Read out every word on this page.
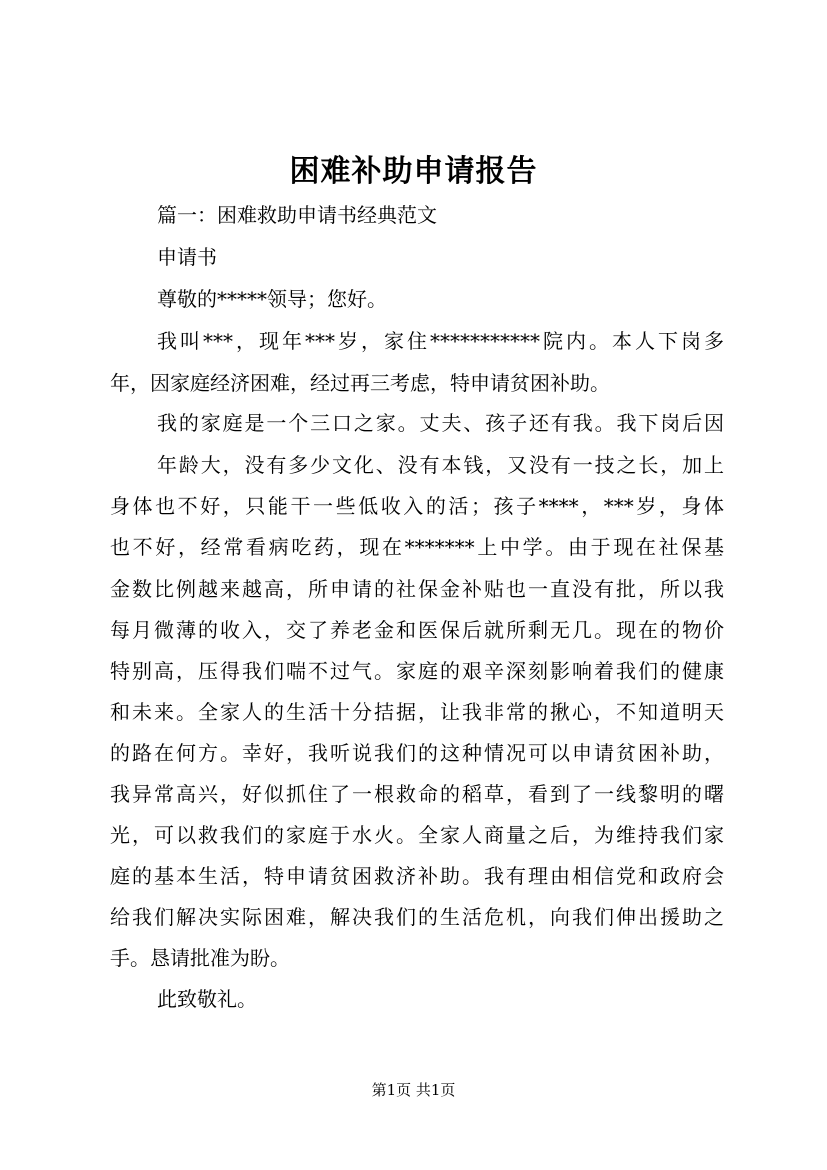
困难补助申请报告

篇一：困难救助申请书经典范文

申请书

尊敬的*****领导；您好。

我叫***，现年***岁，家住***********院内。本人下岗多

年，因家庭经济困难，经过再三考虑，特申请贫困补助。

我的家庭是一个三口之家。丈夫、孩子还有我。我下岗后因

年龄大，没有多少文化、没有本钱，又没有一技之长，加上

身体也不好，只能干一些低收入的活；孩子****，***岁，身体

也不好，经常看病吃药，现在*******上中学。由于现在社保基

金数比例越来越高，所申请的社保金补贴也一直没有批，所以我

每月微薄的收入，交了养老金和医保后就所剩无几。现在的物价

特别高，压得我们喘不过气。家庭的艰辛深刻影响着我们的健康

和未来。全家人的生活十分拮据，让我非常的揪心，不知道明天

的路在何方。幸好，我听说我们的这种情况可以申请贫困补助，

我异常高兴，好似抓住了一根救命的稻草，看到了一线黎明的曙

光，可以救我们的家庭于水火。全家人商量之后，为维持我们家

庭的基本生活，特申请贫困救济补助。我有理由相信党和政府会

给我们解决实际困难，解决我们的生活危机，向我们伸出援助之

手。恳请批准为盼。

此致敬礼。

第1页 共1页
